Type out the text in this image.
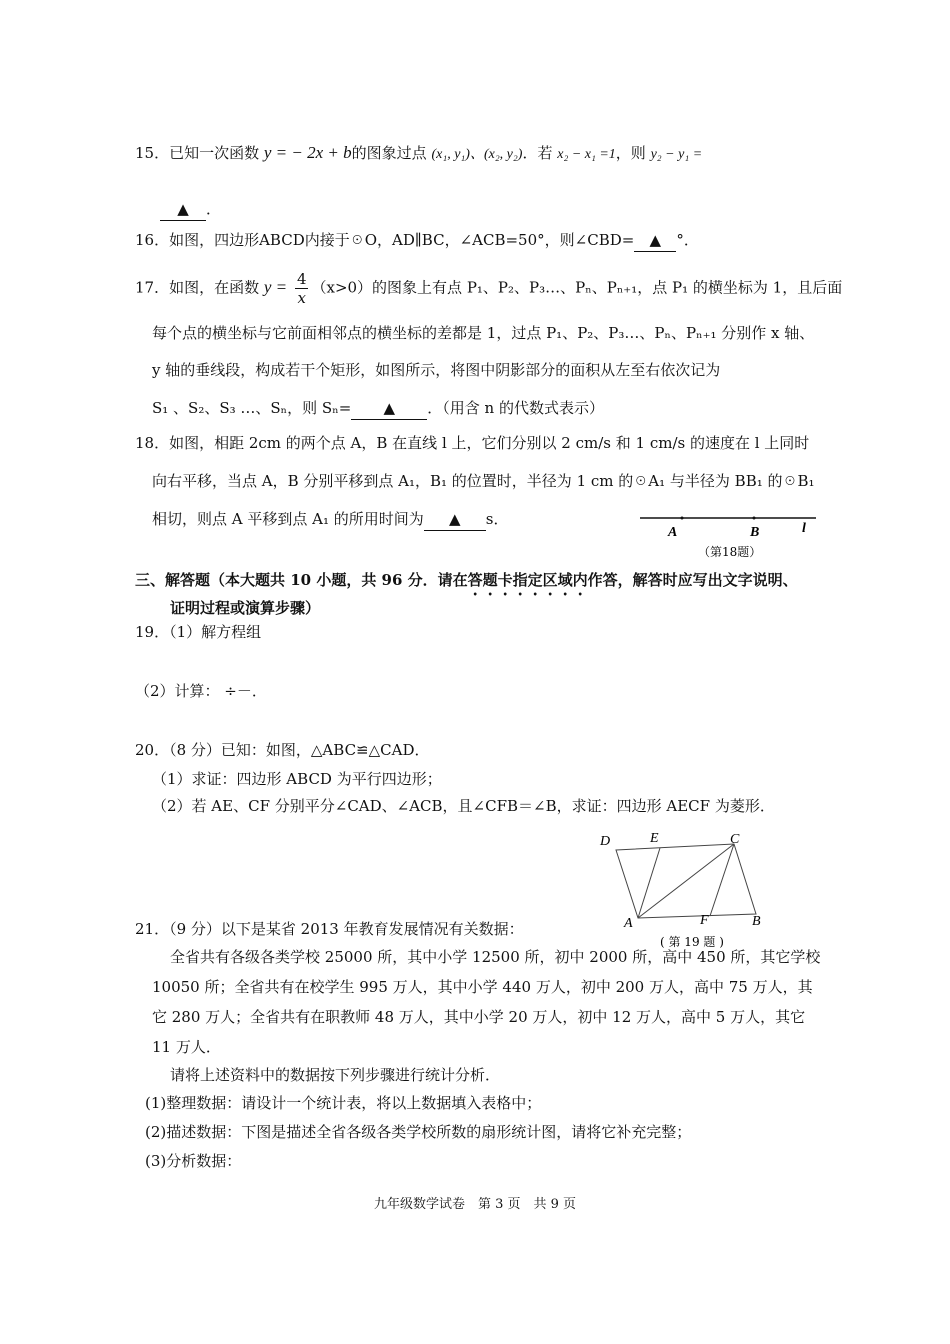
15．已知一次函数 y = − 2x + b的图象过点 (x₁, y₁)、(x₂, y₂)．若 x₂ − x₁ =1，则 y₂ − y₁ =
▲ ．
16．如图，四边形ABCD内接于☉O，AD∥BC，∠ACB=50°，则∠CBD= ▲ °．
17．如图，在函数 $y = \frac{4}{x} (x>0)$的图象上有点 P₁、P₂、P₃…、Pₙ、Pₙ₊₁，点 P₁ 的横坐标为 1，且后面
每个点的横坐标与它前面相邻点的横坐标的差都是 1，过点 P₁、P₂、P₃…、Pₙ、Pₙ₊₁ 分别作 x 轴、
y 轴的垂线段，构成若干个矩形，如图所示，将图中阴影部分的面积从左至右依次记为
S₁ 、S₂、S₃ …、Sₙ，则 Sₙ= ▲ ．（用含 n 的代数式表示）
18．如图，相距 2cm 的两个点 A，B 在直线 l 上，它们分别以 2 cm/s 和 1 cm/s 的速度在 l 上同时
向右平移，当点 A，B 分别平移到点 A₁，B₁ 的位置时，半径为 1 cm 的☉A₁ 与半径为 BB₁ 的☉B₁
相切，则点 A 平移到点 A₁ 的所用时间为 ▲ s．
A	B	l
（第18题）
三、解答题（本大题共 10 小题，共 96 分．请在答题卡指定区域内作答，解答时应写出文字说明、
证明过程或演算步骤）
19．（1）解方程组
（2）计算： ÷－．
20．（8 分）已知：如图，△ABC≌△CAD．
（1）求证：四边形 ABCD 为平行四边形；
（2）若 AE、CF 分别平分∠CAD、∠ACB，且∠CFB＝∠B，求证：四边形 AECF 为菱形．
D	E	C
A	F	B
( 第 19 题 )
21．（9 分）以下是某省 2013 年教育发展情况有关数据：
全省共有各级各类学校 25000 所，其中小学 12500 所，初中 2000 所，高中 450 所，其它学校
10050 所；全省共有在校学生 995 万人，其中小学 440 万人，初中 200 万人，高中 75 万人，其
它 280 万人；全省共有在职教师 48 万人，其中小学 20 万人，初中 12 万人，高中 5 万人，其它
11 万人．
请将上述资料中的数据按下列步骤进行统计分析．
(1)整理数据：请设计一个统计表，将以上数据填入表格中；
(2)描述数据：下图是描述全省各级各类学校所数的扇形统计图，请将它补充完整；
(3)分析数据：
九年级数学试卷　第 3 页　共 9 页
